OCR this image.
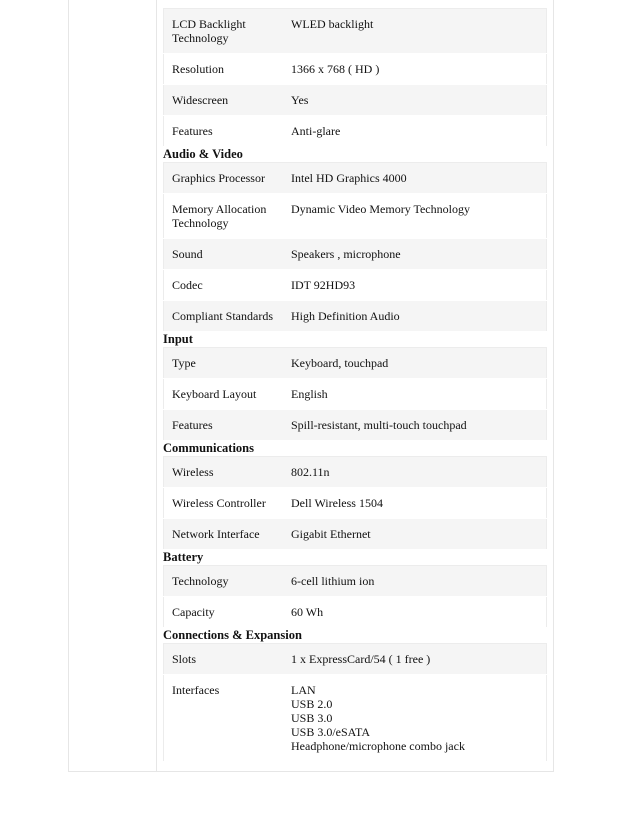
LCD Backlight Technology	WLED backlight
Resolution	1366 x 768 ( HD )
Widescreen	Yes
Features	Anti-glare
Audio & Video
Graphics Processor	Intel HD Graphics 4000
Memory Allocation Technology	Dynamic Video Memory Technology
Sound	Speakers , microphone
Codec	IDT 92HD93
Compliant Standards	High Definition Audio
Input
Type	Keyboard, touchpad
Keyboard Layout	English
Features	Spill-resistant, multi-touch touchpad
Communications
Wireless	802.11n
Wireless Controller	Dell Wireless 1504
Network Interface	Gigabit Ethernet
Battery
Technology	6-cell lithium ion
Capacity	60 Wh
Connections & Expansion
Slots	1 x ExpressCard/54 ( 1 free )
Interfaces	LAN
USB 2.0
USB 3.0
USB 3.0/eSATA
Headphone/microphone combo jack
